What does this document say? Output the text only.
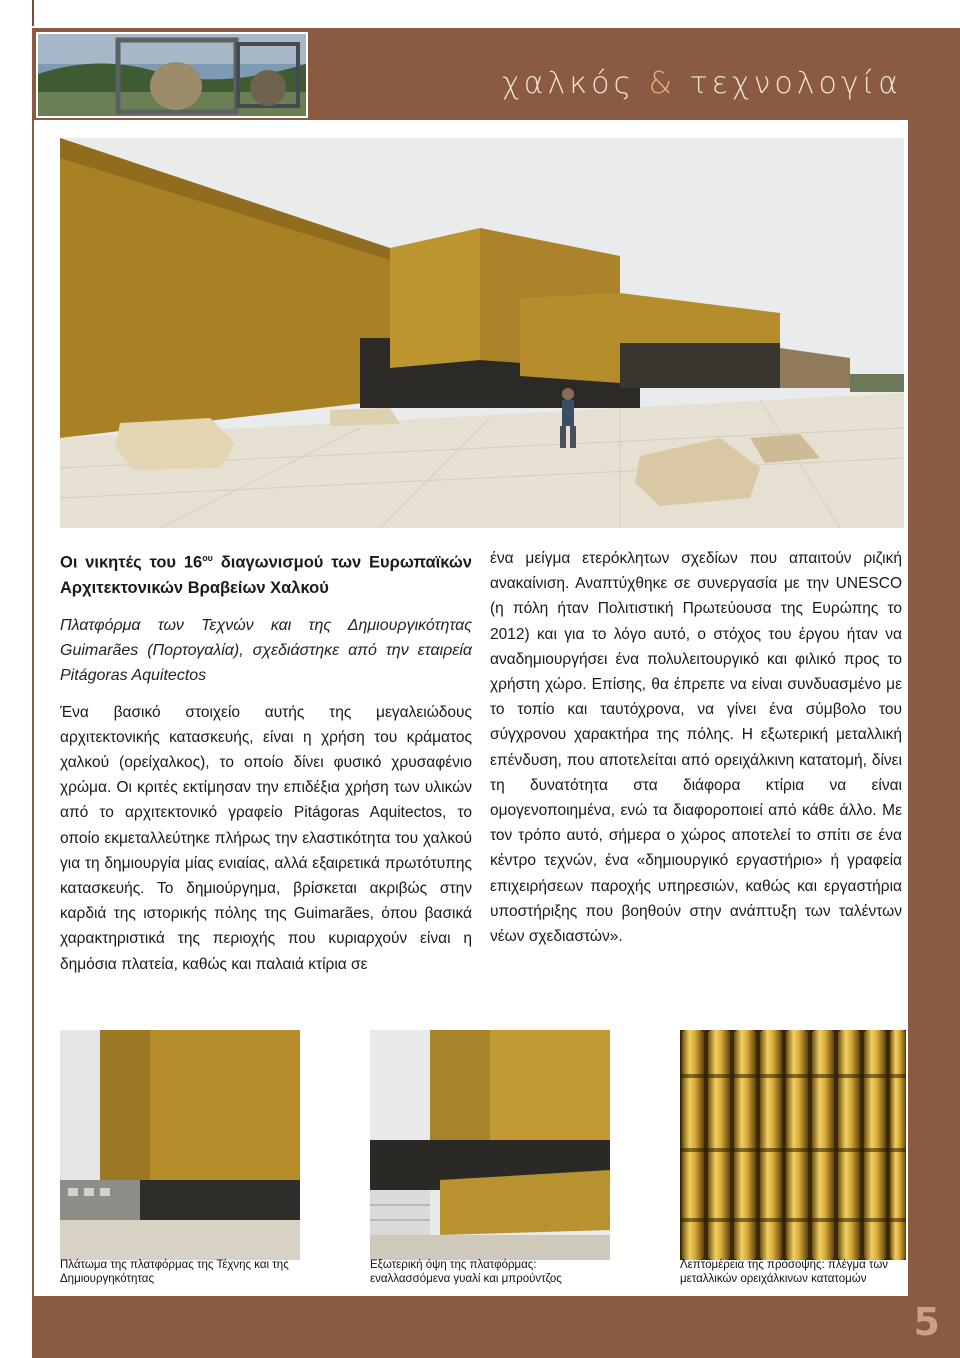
χαλκός & τεχνολογία
5

Οι νικητές του $16^{o\upsilon}$ διαγωνισμού των Ευρωπαϊκών Αρχιτεκτονικών Βραβείων Χαλκού

Πλατφόρμα των Τεχνών και της Δημιουργικότητας Guimarães (Πορτογαλία), σχεδιάστηκε από την εταιρεία Pitágoras Aquitectos

Ένα βασικό στοιχείο αυτής της μεγαλειώδους αρχιτεκτονικής κατασκευής, είναι η χρήση του κράματος χαλκού (ορείχαλκος), το οποίο δίνει φυσικό χρυσαφένιο χρώμα. Οι κριτές εκτίμησαν την επιδέξια χρήση των υλικών από το αρχιτεκτονικό γραφείο Pitágoras Aquitectos, το οποίο εκμεταλλεύτηκε πλήρως την ελαστικότητα του χαλκού για τη δημιουργία μίας ενιαίας, αλλά εξαιρετικά πρωτότυπης κατασκευής. Το δημιούργημα, βρίσκεται ακριβώς στην καρδιά της ιστορικής πόλης της Guimarães, όπου βασικά χαρακτηριστικά της περιοχής που κυριαρχούν είναι η δημόσια πλατεία, καθώς και παλαιά κτίρια σε

ένα μείγμα ετερόκλητων σχεδίων που απαιτούν ριζική ανακαίνιση. Αναπτύχθηκε σε συνεργασία με την UNESCO (η πόλη ήταν Πολιτιστική Πρωτεύουσα της Ευρώπης το 2012) και για το λόγο αυτό, ο στόχος του έργου ήταν να αναδημιουργήσει ένα πολυλειτουργικό και φιλικό προς το χρήστη χώρο. Επίσης, θα έπρεπε να είναι συνδυασμένο με το τοπίο και ταυτόχρονα, να γίνει ένα σύμβολο του σύγχρονου χαρακτήρα της πόλης. Η εξωτερική μεταλλική επένδυση, που αποτελείται από ορειχάλκινη κατατομή, δίνει τη δυνατότητα στα διάφορα κτίρια να είναι ομογενοποιημένα, ενώ τα διαφοροποιεί από κάθε άλλο. Με τον τρόπο αυτό, σήμερα ο χώρος αποτελεί το σπίτι σε ένα κέντρο τεχνών, ένα «δημιουργικό εργαστήριο» ή γραφεία επιχειρήσεων παροχής υπηρεσιών, καθώς και εργαστήρια υποστήριξης που βοηθούν στην ανάπτυξη των ταλέντων νέων σχεδιαστών».

Πλάτωμα της πλατφόρμας της Τέχνης και της Δημιουργηκότητας
Εξωτερική όψη της πλατφόρμας: εναλλασσόμενα γυαλί και μπρούντζος
Λεπτομέρεια της πρόσοψης: πλέγμα των μεταλλικών ορειχάλκινων κατατομών
